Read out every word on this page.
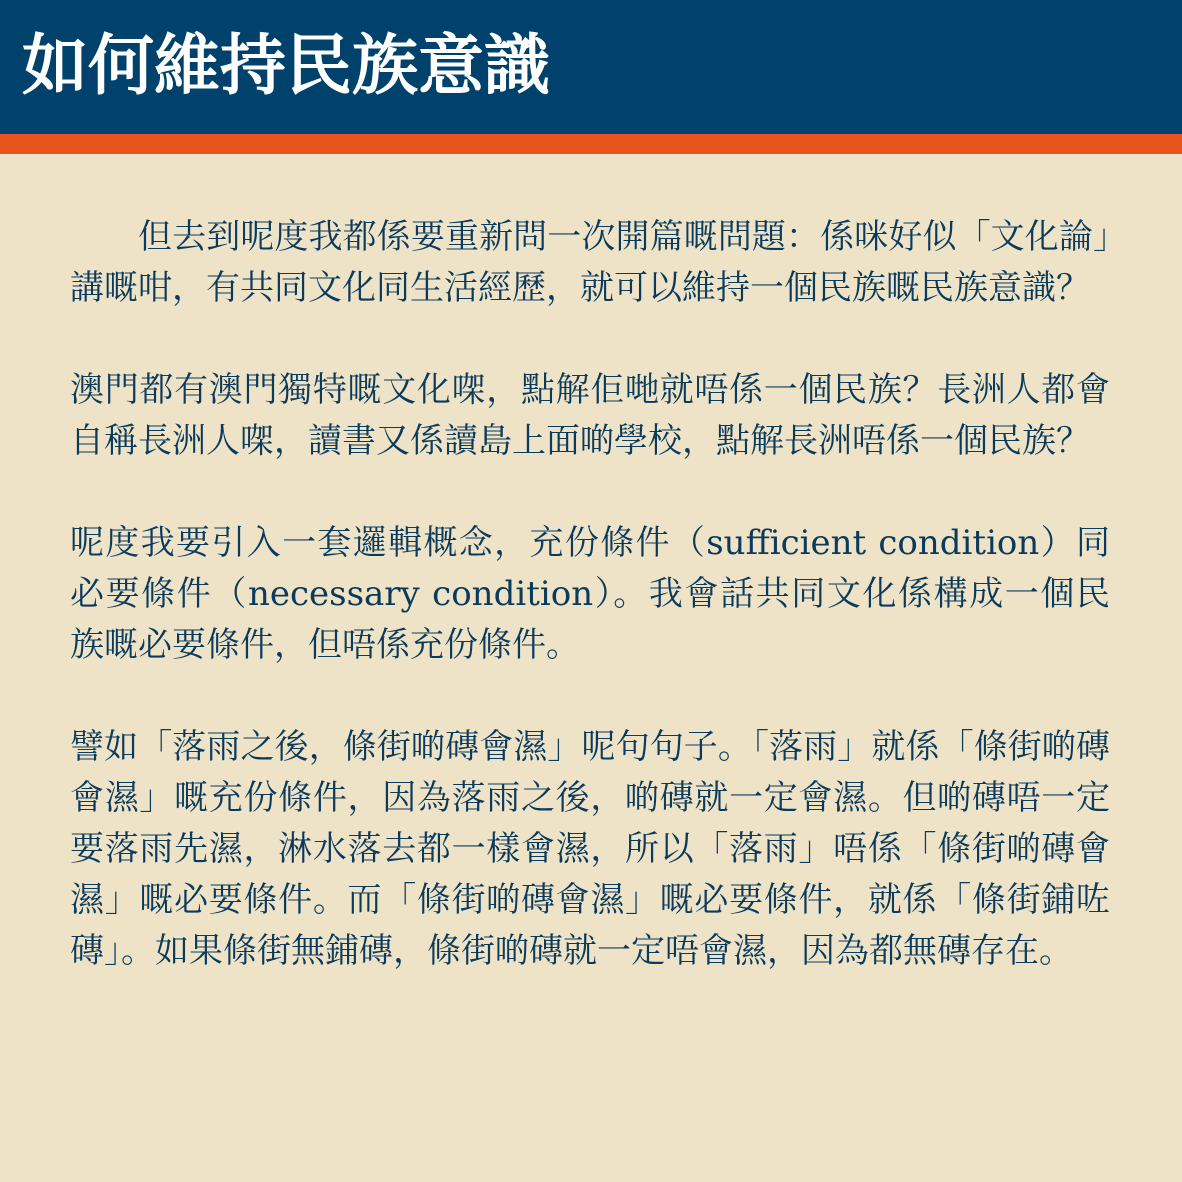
如何維持民族意識

但去到呢度我都係要重新問一次開篇嘅問題：係咪好似「文化論」講嘅咁，有共同文化同生活經歷，就可以維持一個民族嘅民族意識？

澳門都有澳門獨特嘅文化㗎，點解佢哋就唔係一個民族？長洲人都會自稱長洲人㗎，讀書又係讀島上面啲學校，點解長洲唔係一個民族？

呢度我要引入一套邏輯概念，充份條件（sufficient condition）同必要條件（necessary condition）。我會話共同文化係構成一個民族嘅必要條件，但唔係充份條件。

譬如「落雨之後，條街啲磚會濕」呢句句子。「落雨」就係「條街啲磚會濕」嘅充份條件，因為落雨之後，啲磚就一定會濕。但啲磚唔一定要落雨先濕，淋水落去都一樣會濕，所以「落雨」唔係「條街啲磚會濕」嘅必要條件。而「條街啲磚會濕」嘅必要條件，就係「條街鋪咗磚」。如果條街無鋪磚，條街啲磚就一定唔會濕，因為都無磚存在。
